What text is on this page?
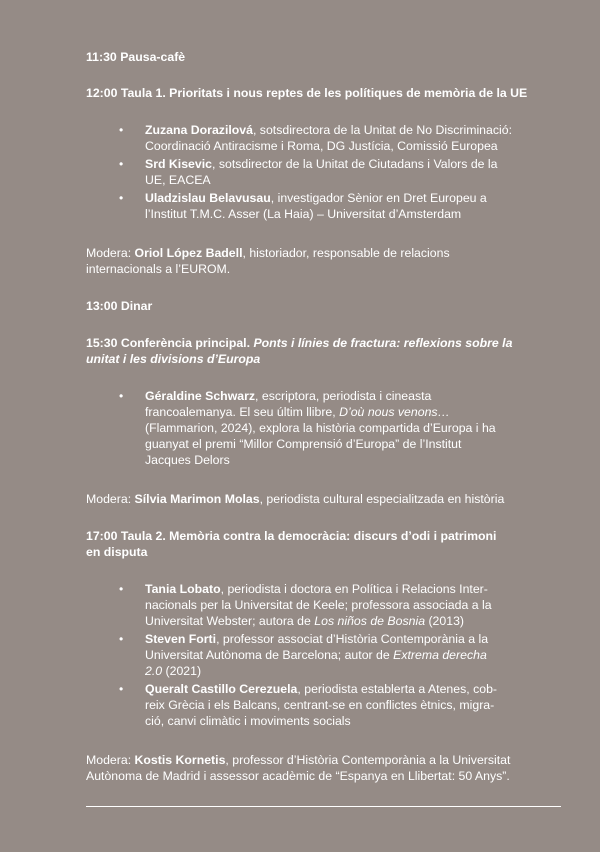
11:30 Pausa-cafè

12:00 Taula 1. Prioritats i nous reptes de les polítiques de memòria de la UE

• Zuzana Dorazilová, sotsdirectora de la Unitat de No Discriminació:
Coordinació Antiracisme i Roma, DG Justícia, Comissió Europea
• Srd Kisevic, sotsdirector de la Unitat de Ciutadans i Valors de la
UE, EACEA
• Uladzislau Belavusau, investigador Sènior en Dret Europeu a
l’Institut T.M.C. Asser (La Haia) – Universitat d’Amsterdam

Modera: Oriol López Badell, historiador, responsable de relacions
internacionals a l’EUROM.

13:00 Dinar

15:30 Conferència principal. Ponts i línies de fractura: reflexions sobre la
unitat i les divisions d’Europa

• Géraldine Schwarz, escriptora, periodista i cineasta
francoalemanya. El seu últim llibre, D’où nous venons…
(Flammarion, 2024), explora la història compartida d’Europa i ha
guanyat el premi “Millor Comprensió d’Europa” de l’Institut
Jacques Delors

Modera: Sílvia Marimon Molas, periodista cultural especialitzada en història

17:00 Taula 2. Memòria contra la democràcia: discurs d’odi i patrimoni
en disputa

• Tania Lobato, periodista i doctora en Política i Relacions Inter-
nacionals per la Universitat de Keele; professora associada a la
Universitat Webster; autora de Los niños de Bosnia (2013)
• Steven Forti, professor associat d’Història Contemporània a la
Universitat Autònoma de Barcelona; autor de Extrema derecha
2.0 (2021)
• Queralt Castillo Cerezuela, periodista establerta a Atenes, cob-
reix Grècia i els Balcans, centrant-se en conflictes ètnics, migra-
ció, canvi climàtic i moviments socials

Modera: Kostis Kornetis, professor d’Història Contemporània a la Universitat
Autònoma de Madrid i assessor acadèmic de “Espanya en Llibertat: 50 Anys”.
